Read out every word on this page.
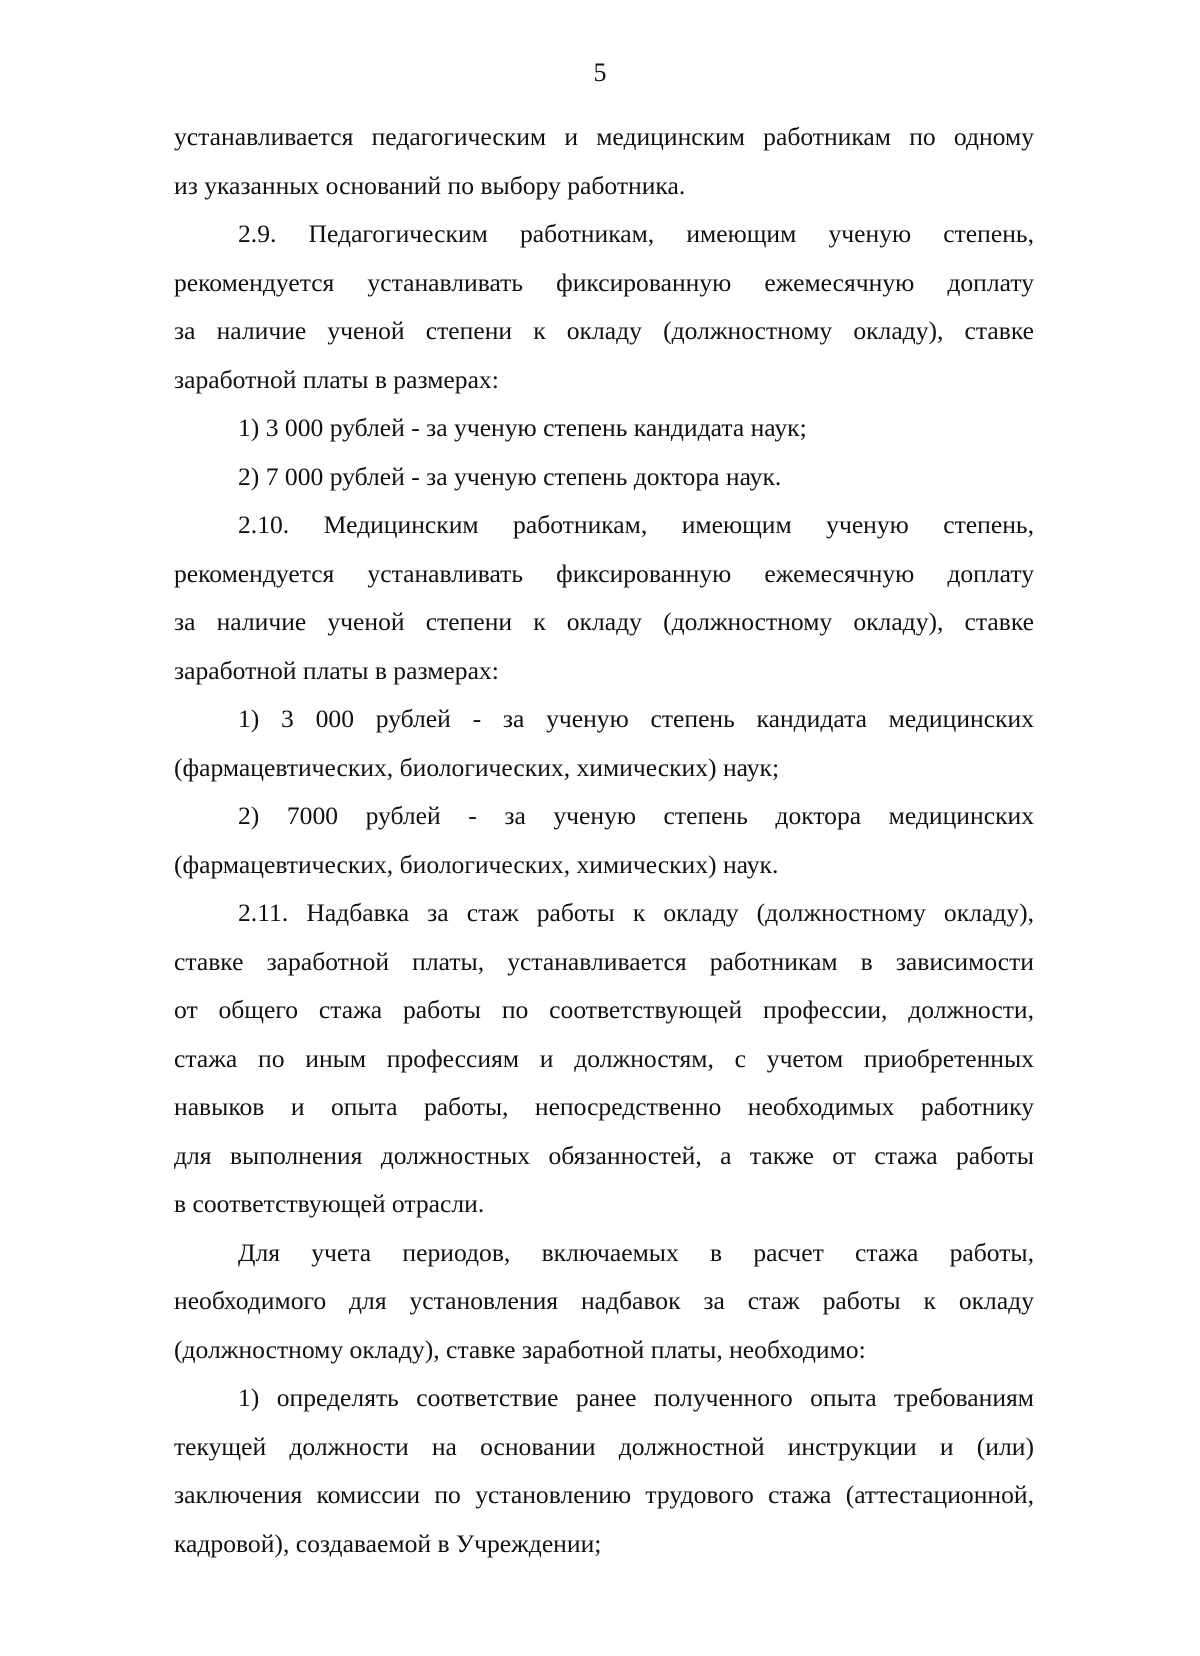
5
устанавливается педагогическим и медицинским работникам по одному
из указанных оснований по выбору работника.
2.9. Педагогическим работникам, имеющим ученую степень,
рекомендуется устанавливать фиксированную ежемесячную доплату
за наличие ученой степени к окладу (должностному окладу), ставке
заработной платы в размерах:
1) 3 000 рублей - за ученую степень кандидата наук;
2) 7 000 рублей - за ученую степень доктора наук.
2.10. Медицинским работникам, имеющим ученую степень,
рекомендуется устанавливать фиксированную ежемесячную доплату
за наличие ученой степени к окладу (должностному окладу), ставке
заработной платы в размерах:
1) 3 000 рублей - за ученую степень кандидата медицинских
(фармацевтических, биологических, химических) наук;
2) 7000 рублей - за ученую степень доктора медицинских
(фармацевтических, биологических, химических) наук.
2.11. Надбавка за стаж работы к окладу (должностному окладу),
ставке заработной платы, устанавливается работникам в зависимости
от общего стажа работы по соответствующей профессии, должности,
стажа по иным профессиям и должностям, с учетом приобретенных
навыков и опыта работы, непосредственно необходимых работнику
для выполнения должностных обязанностей, а также от стажа работы
в соответствующей отрасли.
Для учета периодов, включаемых в расчет стажа работы,
необходимого для установления надбавок за стаж работы к окладу
(должностному окладу), ставке заработной платы, необходимо:
1) определять соответствие ранее полученного опыта требованиям
текущей должности на основании должностной инструкции и (или)
заключения комиссии по установлению трудового стажа (аттестационной,
кадровой), создаваемой в Учреждении;
